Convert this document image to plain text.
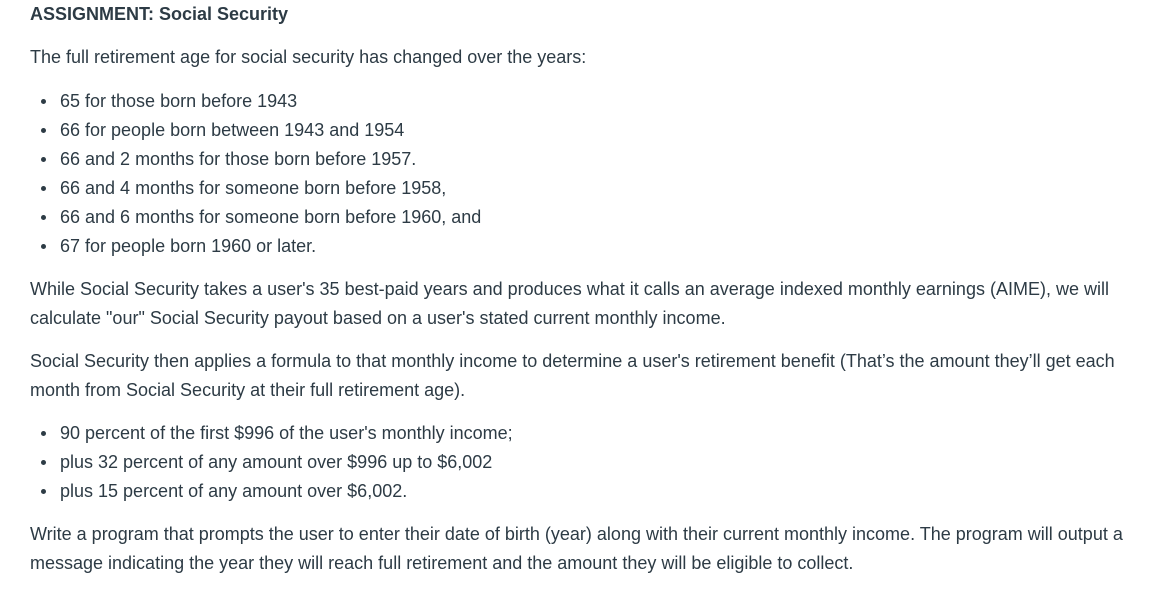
ASSIGNMENT: Social Security

The full retirement age for social security has changed over the years:

65 for those born before 1943
66 for people born between 1943 and 1954
66 and 2 months for those born before 1957.
66 and 4 months for someone born before 1958,
66 and 6 months for someone born before 1960, and
67 for people born 1960 or later.

While Social Security takes a user's 35 best-paid years and produces what it calls an average indexed monthly earnings (AIME), we will calculate "our" Social Security payout based on a user's stated current monthly income.

Social Security then applies a formula to that monthly income to determine a user's retirement benefit (That’s the amount they’ll get each month from Social Security at their full retirement age).

90 percent of the first $996 of the user's monthly income;
plus 32 percent of any amount over $996 up to $6,002
plus 15 percent of any amount over $6,002.

Write a program that prompts the user to enter their date of birth (year) along with their current monthly income. The program will output a message indicating the year they will reach full retirement and the amount they will be eligible to collect.
